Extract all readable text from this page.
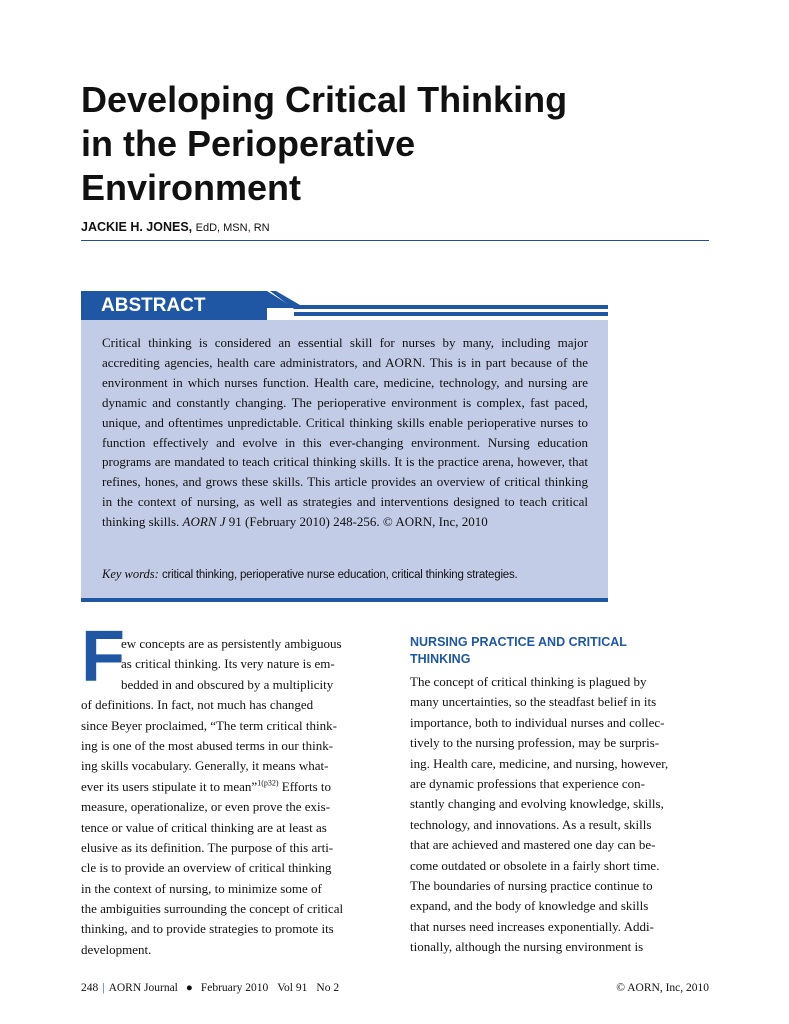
Developing Critical Thinking
in the Perioperative
Environment
JACKIE H. JONES, EdD, MSN, RN
ABSTRACT
Critical thinking is considered an essential skill for nurses by many, including major accrediting agencies, health care administrators, and AORN. This is in part because of the environment in which nurses function. Health care, medicine, technology, and nursing are dynamic and constantly changing. The perioperative environment is complex, fast paced, unique, and oftentimes unpredictable. Critical thinking skills enable perioperative nurses to function effectively and evolve in this ever-changing environment. Nursing education programs are mandated to teach critical thinking skills. It is the practice arena, however, that refines, hones, and grows these skills. This article provides an overview of critical thinking in the context of nursing, as well as strategies and interventions designed to teach critical thinking skills. AORN J 91 (February 2010) 248-256. © AORN, Inc, 2010
Key words: critical thinking, perioperative nurse education, critical thinking strategies.
F
ew concepts are as persistently ambiguous
as critical thinking. Its very nature is em-
bedded in and obscured by a multiplicity
of definitions. In fact, not much has changed
since Beyer proclaimed, “The term critical think-
ing is one of the most abused terms in our think-
ing skills vocabulary. Generally, it means what-
ever its users stipulate it to mean”$^{1(p32)}$ Efforts to
measure, operationalize, or even prove the exis-
tence or value of critical thinking are at least as
elusive as its definition. The purpose of this arti-
cle is to provide an overview of critical thinking
in the context of nursing, to minimize some of
the ambiguities surrounding the concept of critical
thinking, and to provide strategies to promote its
development.
NURSING PRACTICE AND CRITICAL
THINKING
The concept of critical thinking is plagued by
many uncertainties, so the steadfast belief in its
importance, both to individual nurses and collec-
tively to the nursing profession, may be surpris-
ing. Health care, medicine, and nursing, however,
are dynamic professions that experience con-
stantly changing and evolving knowledge, skills,
technology, and innovations. As a result, skills
that are achieved and mastered one day can be-
come outdated or obsolete in a fairly short time.
The boundaries of nursing practice continue to
expand, and the body of knowledge and skills
that nurses need increases exponentially. Addi-
tionally, although the nursing environment is
248 | AORN Journal ● February 2010 Vol 91 No 2	© AORN, Inc, 2010
